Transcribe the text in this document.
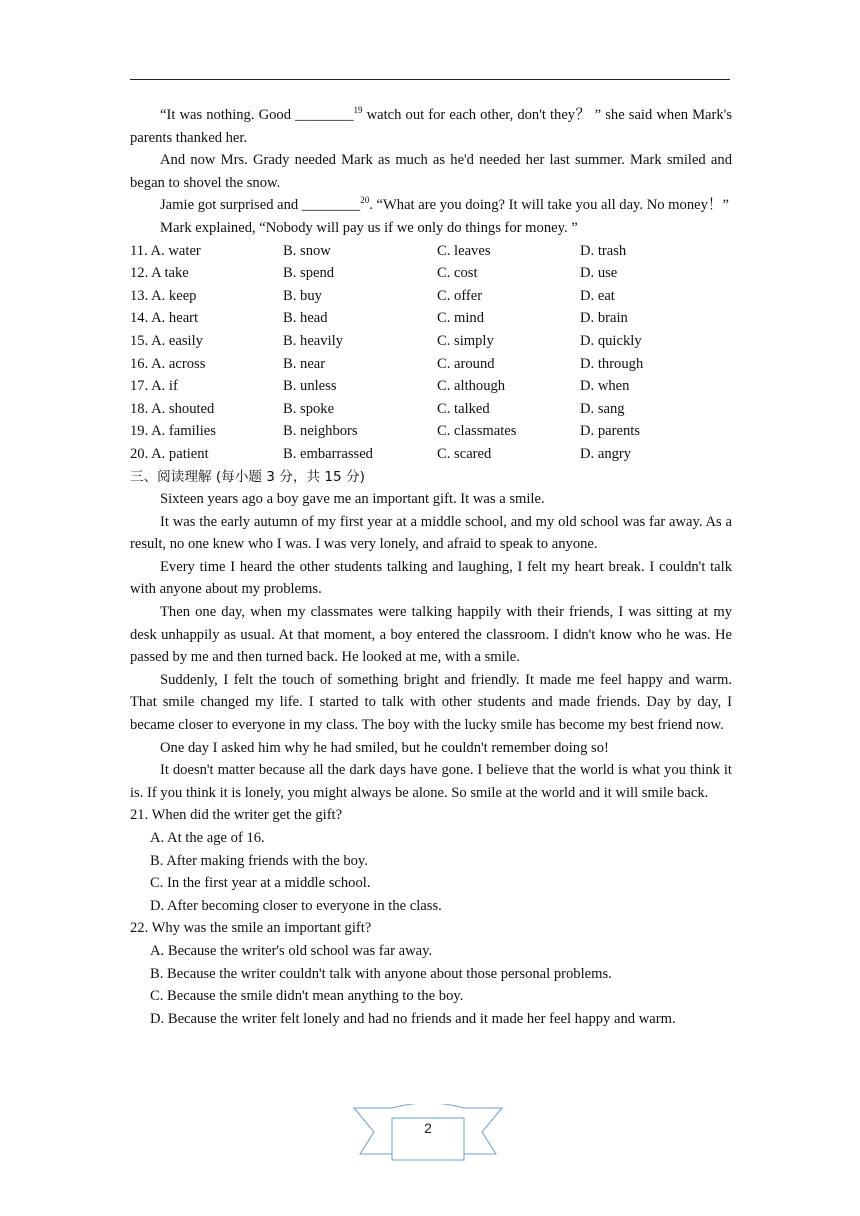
“It was nothing. Good ________$^{19}$ watch out for each other, don't they？ ” she said when Mark's parents thanked her.

And now Mrs. Grady needed Mark as much as he'd needed her last summer. Mark smiled and began to shovel the snow.

Jamie got surprised and ________$^{20}$. “What are you doing? It will take you all day. No money！”

Mark explained, “Nobody will pay us if we only do things for money. ”

11. A. water	B. snow	C. leaves	D. trash
12. A take	B. spend	C. cost	D. use
13. A. keep	B. buy	C. offer	D. eat
14. A. heart	B. head	C. mind	D. brain
15. A. easily	B. heavily	C. simply	D. quickly
16. A. across	B. near	C. around	D. through
17. A. if	B. unless	C. although	D. when
18. A. shouted	B. spoke	C. talked	D. sang
19. A. families	B. neighbors	C. classmates	D. parents
20. A. patient	B. embarrassed	C. scared	D. angry

三、阅读理解 (每小题 3 分，共 15 分)

Sixteen years ago a boy gave me an important gift. It was a smile.

It was the early autumn of my first year at a middle school, and my old school was far away. As a result, no one knew who I was. I was very lonely, and afraid to speak to anyone.

Every time I heard the other students talking and laughing, I felt my heart break. I couldn't talk with anyone about my problems.

Then one day, when my classmates were talking happily with their friends, I was sitting at my desk unhappily as usual. At that moment, a boy entered the classroom. I didn't know who he was. He passed by me and then turned back. He looked at me, with a smile.

Suddenly, I felt the touch of something bright and friendly. It made me feel happy and warm. That smile changed my life. I started to talk with other students and made friends. Day by day, I became closer to everyone in my class. The boy with the lucky smile has become my best friend now.

One day I asked him why he had smiled, but he couldn't remember doing so!

It doesn't matter because all the dark days have gone. I believe that the world is what you think it is. If you think it is lonely, you might always be alone. So smile at the world and it will smile back.

21. When did the writer get the gift?

A. At the age of 16.

B. After making friends with the boy.

C. In the first year at a middle school.

D. After becoming closer to everyone in the class.

22. Why was the smile an important gift?

A. Because the writer's old school was far away.

B. Because the writer couldn't talk with anyone about those personal problems.

C. Because the smile didn't mean anything to the boy.

D. Because the writer felt lonely and had no friends and it made her feel happy and warm.

2
